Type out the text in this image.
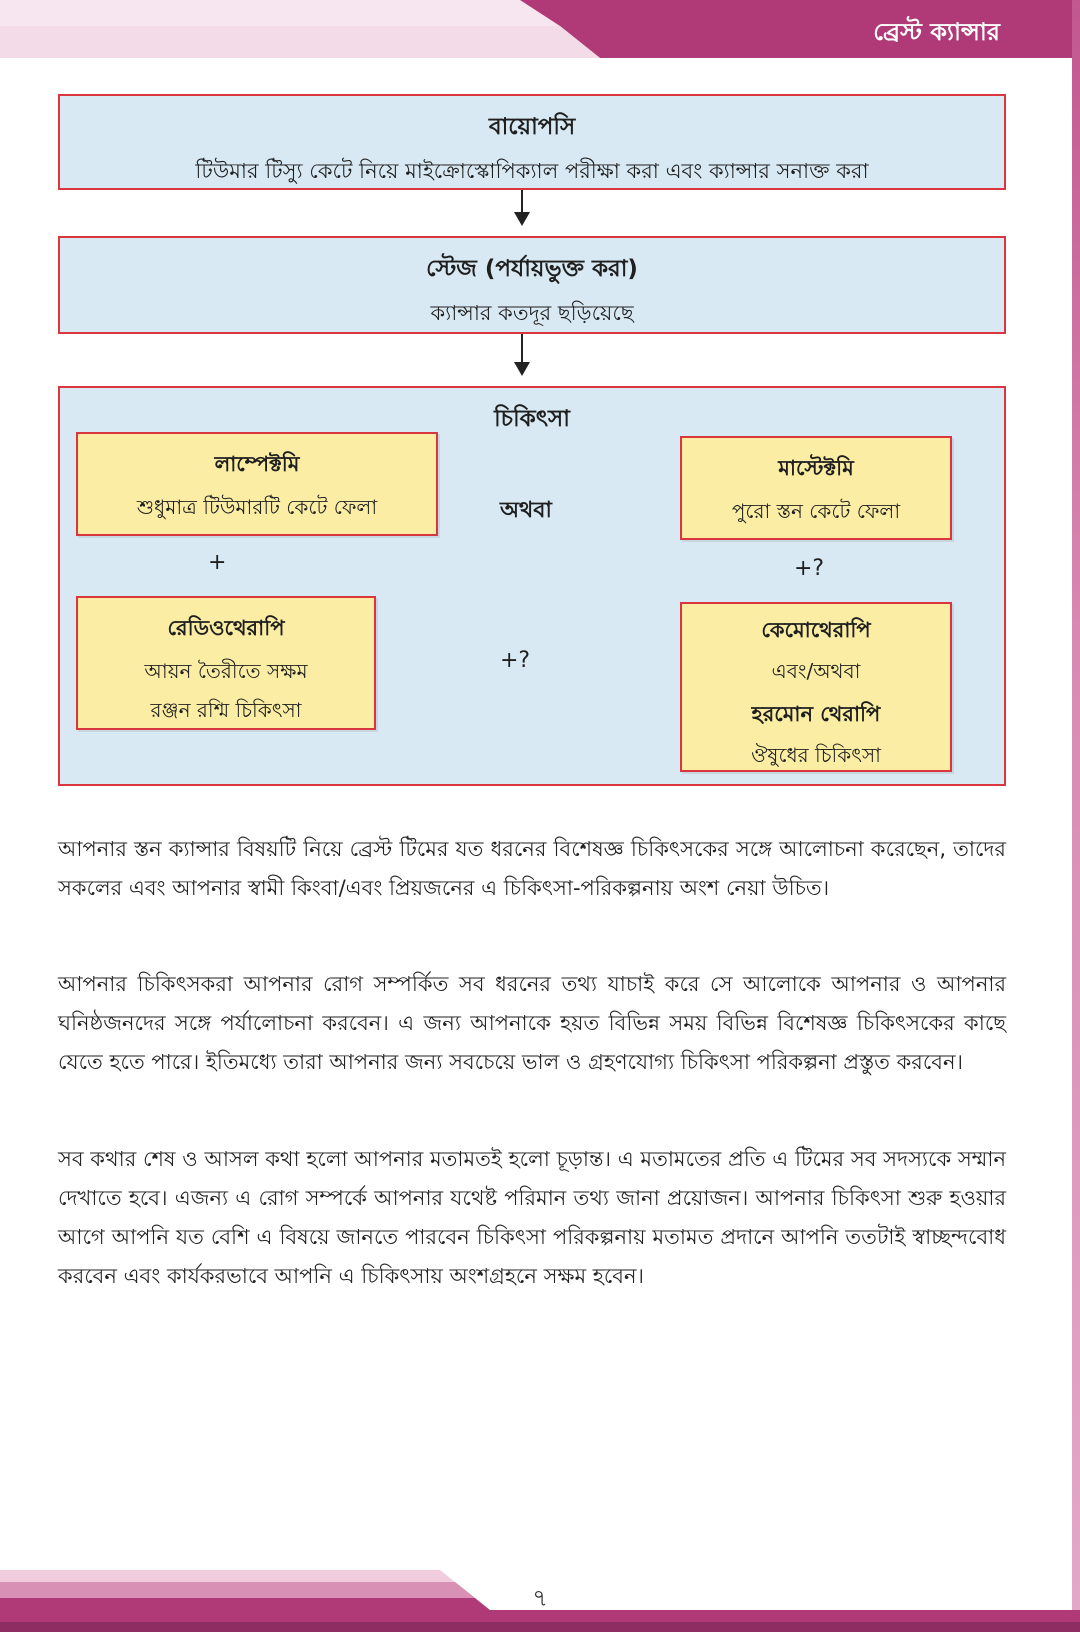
ব্রেস্ট ক্যান্সার
বায়োপসি
টিউমার টিস্যু কেটে নিয়ে মাইক্রোস্কোপিক্যাল পরীক্ষা করা এবং ক্যান্সার সনাক্ত করা
স্টেজ (পর্যায়ভুক্ত করা)
ক্যান্সার কতদূর ছড়িয়েছে
চিকিৎসা
লাম্পেক্টমি
শুধুমাত্র টিউমারটি কেটে ফেলা	অথবা
মাস্টেক্টমি
পুরো স্তন কেটে ফেলা
+	+?
রেডিওথেরাপি
আয়ন তৈরীতে সক্ষম
রঞ্জন রশ্মি চিকিৎসা
+?
কেমোথেরাপি
এবং/অথবা
হরমোন থেরাপি
ঔষুধের চিকিৎসা

আপনার স্তন ক্যান্সার বিষয়টি নিয়ে ব্রেস্ট টিমের যত ধরনের বিশেষজ্ঞ চিকিৎসকের সঙ্গে আলোচনা করেছেন, তাদের সকলের এবং আপনার স্বামী কিংবা/এবং প্রিয়জনের এ চিকিৎসা-পরিকল্পনায় অংশ নেয়া উচিত।

আপনার চিকিৎসকরা আপনার রোগ সম্পর্কিত সব ধরনের তথ্য যাচাই করে সে আলোকে আপনার ও আপনার ঘনিষ্ঠজনদের সঙ্গে পর্যালোচনা করবেন। এ জন্য আপনাকে হয়ত বিভিন্ন সময় বিভিন্ন বিশেষজ্ঞ চিকিৎসকের কাছে যেতে হতে পারে। ইতিমধ্যে তারা আপনার জন্য সবচেয়ে ভাল ও গ্রহণযোগ্য চিকিৎসা পরিকল্পনা প্রস্তুত করবেন।

সব কথার শেষ ও আসল কথা হলো আপনার মতামতই হলো চূড়ান্ত। এ মতামতের প্রতি এ টিমের সব সদস্যকে সম্মান দেখাতে হবে। এজন্য এ রোগ সম্পর্কে আপনার যথেষ্ট পরিমান তথ্য জানা প্রয়োজন। আপনার চিকিৎসা শুরু হওয়ার আগে আপনি যত বেশি এ বিষয়ে জানতে পারবেন চিকিৎসা পরিকল্পনায় মতামত প্রদানে আপনি ততটাই স্বাচ্ছন্দবোধ করবেন এবং কার্যকরভাবে আপনি এ চিকিৎসায় অংশগ্রহনে সক্ষম হবেন।

৭
